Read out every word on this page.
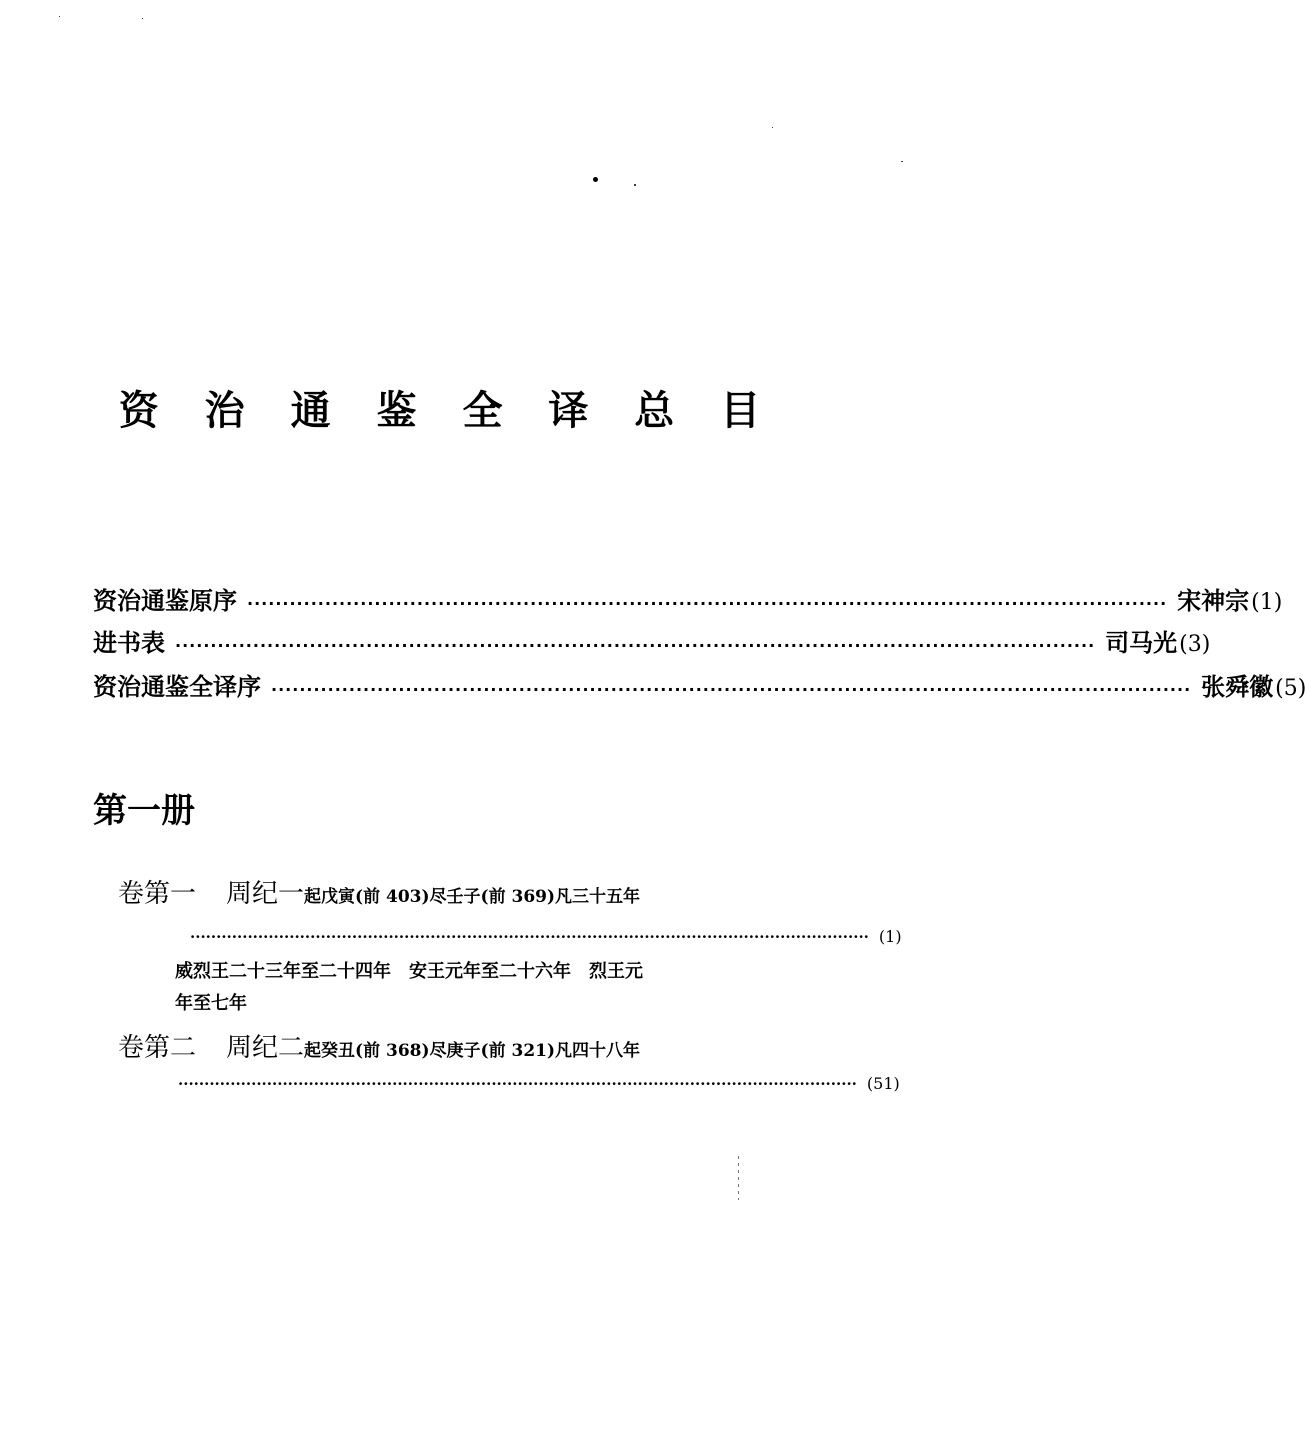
资 治 通 鉴 全 译 总 目
资治通鉴原序 ·································································································································· 宋神宗 (1)
进书表 ·································································································································· 司马光 (3)
资治通鉴全译序 ·································································································································· 张舜徽 (5)
第一册
卷第一 周纪一起戊寅(前 403)尽壬子(前 369)凡三十五年
·································································································································· (1)
威烈王二十三年至二十四年　安王元年至二十六年　烈王元
年至七年
卷第二 周纪二起癸丑(前 368)尽庚子(前 321)凡四十八年
·································································································································· (51)
